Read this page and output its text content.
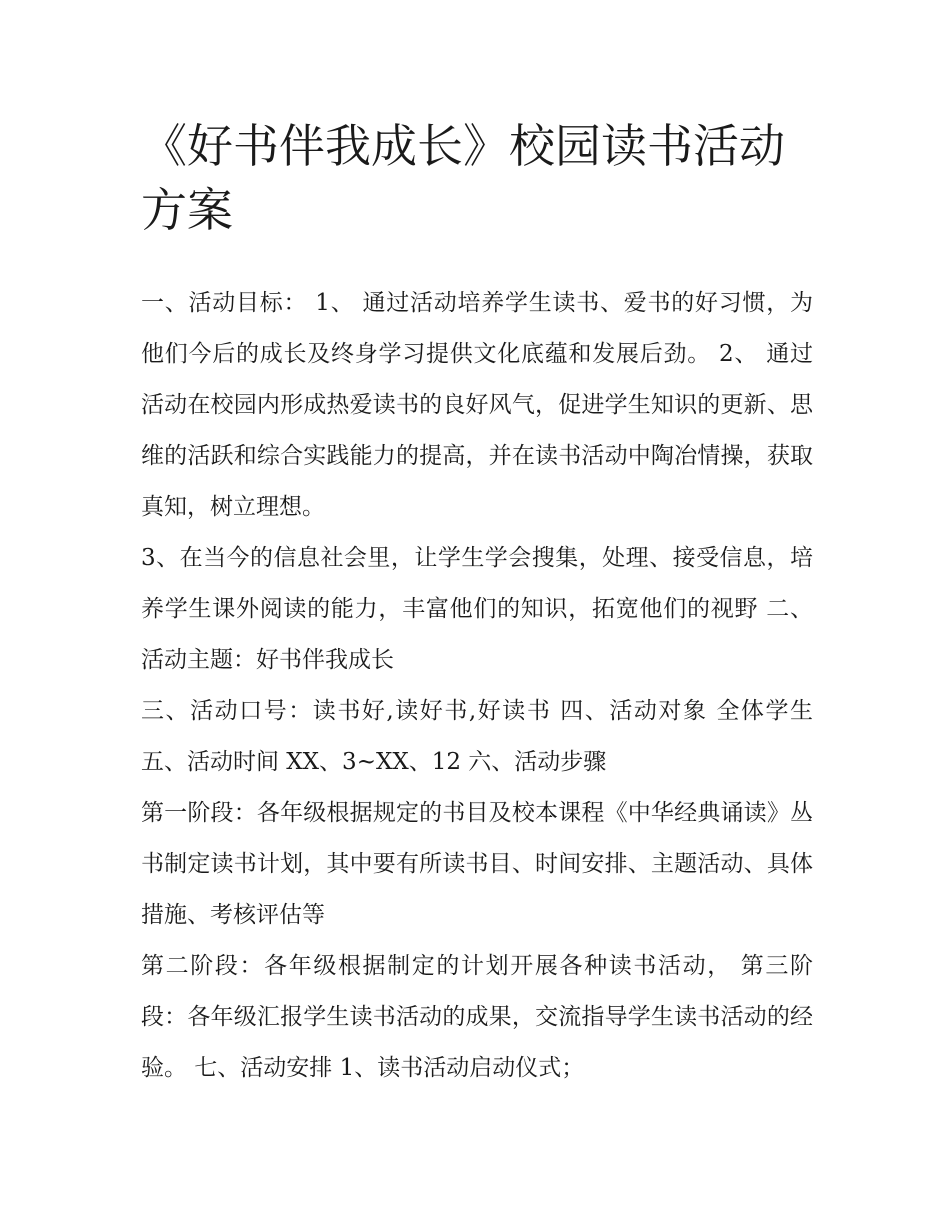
《好书伴我成长》校园读书活动方案

一、活动目标： 1、 通过活动培养学生读书、爱书的好习惯，为他们今后的成长及终身学习提供文化底蕴和发展后劲。 2、 通过活动在校园内形成热爱读书的良好风气，促进学生知识的更新、思维的活跃和综合实践能力的提高，并在读书活动中陶冶情操，获取真知，树立理想。

3、在当今的信息社会里，让学生学会搜集，处理、接受信息，培养学生课外阅读的能力，丰富他们的知识，拓宽他们的视野 二、活动主题：好书伴我成长

三、活动口号：读书好,读好书,好读书 四、活动对象 全体学生 五、活动时间 XX、3~XX、12 六、活动步骤

第一阶段：各年级根据规定的书目及校本课程《中华经典诵读》丛书制定读书计划，其中要有所读书目、时间安排、主题活动、具体措施、考核评估等

第二阶段：各年级根据制定的计划开展各种读书活动， 第三阶段：各年级汇报学生读书活动的成果，交流指导学生读书活动的经验。 七、活动安排 1、读书活动启动仪式；
